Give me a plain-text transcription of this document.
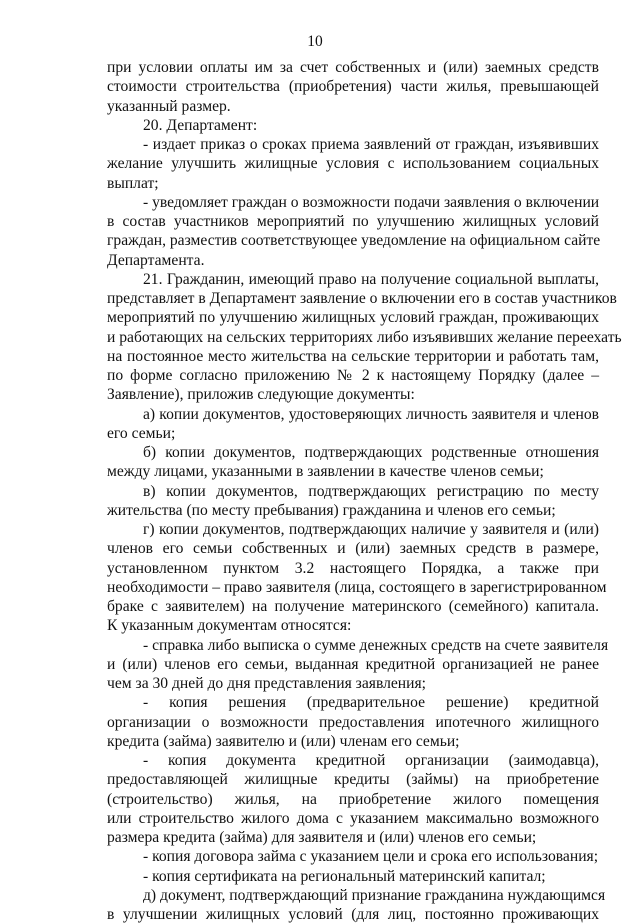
10
при условии оплаты им за счет собственных и (или) заемных средств
стоимости строительства (приобретения) части жилья, превышающей
указанный размер.
20. Департамент:
- издает приказ о сроках приема заявлений от граждан, изъявивших
желание улучшить жилищные условия с использованием социальных
выплат;
- уведомляет граждан о возможности подачи заявления о включении
в состав участников мероприятий по улучшению жилищных условий
граждан, разместив соответствующее уведомление на официальном сайте
Департамента.
21. Гражданин, имеющий право на получение социальной выплаты,
представляет в Департамент заявление о включении его в состав участников
мероприятий по улучшению жилищных условий граждан, проживающих
и работающих на сельских территориях либо изъявивших желание переехать
на постоянное место жительства на сельские территории и работать там,
по форме согласно приложению № 2 к настоящему Порядку (далее –
Заявление), приложив следующие документы:
а) копии документов, удостоверяющих личность заявителя и членов
его семьи;
б) копии документов, подтверждающих родственные отношения
между лицами, указанными в заявлении в качестве членов семьи;
в) копии документов, подтверждающих регистрацию по месту
жительства (по месту пребывания) гражданина и членов его семьи;
г) копии документов, подтверждающих наличие у заявителя и (или)
членов его семьи собственных и (или) заемных средств в размере,
установленном пунктом 3.2 настоящего Порядка, а также при
необходимости – право заявителя (лица, состоящего в зарегистрированном
браке с заявителем) на получение материнского (семейного) капитала.
К указанным документам относятся:
- справка либо выписка о сумме денежных средств на счете заявителя
и (или) членов его семьи, выданная кредитной организацией не ранее
чем за 30 дней до дня представления заявления;
- копия решения (предварительное решение) кредитной
организации о возможности предоставления ипотечного жилищного
кредита (займа) заявителю и (или) членам его семьи;
- копия документа кредитной организации (заимодавца),
предоставляющей жилищные кредиты (займы) на приобретение
(строительство) жилья, на приобретение жилого помещения
или строительство жилого дома с указанием максимально возможного
размера кредита (займа) для заявителя и (или) членов его семьи;
- копия договора займа с указанием цели и срока его использования;
- копия сертификата на региональный материнский капитал;
д) документ, подтверждающий признание гражданина нуждающимся
в улучшении жилищных условий (для лиц, постоянно проживающих
